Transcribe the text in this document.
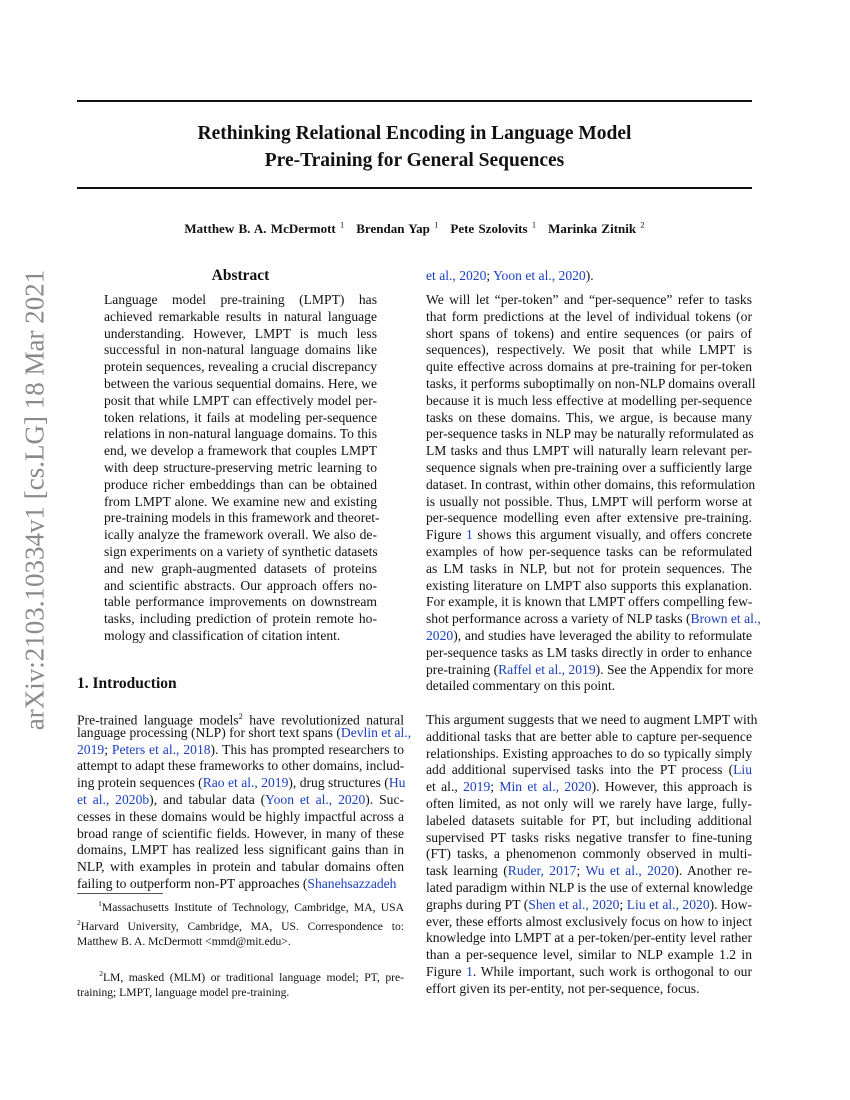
arXiv:2103.10334v1 [cs.LG] 18 Mar 2021
Rethinking Relational Encoding in Language Model
Pre-Training for General Sequences
Matthew B. A. McDermott $^1$ Brendan Yap $^1$ Pete Szolovits $^1$ Marinka Zitnik $^2$
Abstract
Language model pre-training (LMPT) has
achieved remarkable results in natural language
understanding. However, LMPT is much less
successful in non-natural language domains like
protein sequences, revealing a crucial discrepancy
between the various sequential domains. Here, we
posit that while LMPT can effectively model per-
token relations, it fails at modeling per-sequence
relations in non-natural language domains. To this
end, we develop a framework that couples LMPT
with deep structure-preserving metric learning to
produce richer embeddings than can be obtained
from LMPT alone. We examine new and existing
pre-training models in this framework and theoret-
ically analyze the framework overall. We also de-
sign experiments on a variety of synthetic datasets
and new graph-augmented datasets of proteins
and scientific abstracts. Our approach offers no-
table performance improvements on downstream
tasks, including prediction of protein remote ho-
mology and classification of citation intent.
1. Introduction
Pre-trained language models$^2$ have revolutionized natural
language processing (NLP) for short text spans (Devlin et al.,
2019; Peters et al., 2018). This has prompted researchers to
attempt to adapt these frameworks to other domains, includ-
ing protein sequences (Rao et al., 2019), drug structures (Hu
et al., 2020b), and tabular data (Yoon et al., 2020). Suc-
cesses in these domains would be highly impactful across a
broad range of scientific fields. However, in many of these
domains, LMPT has realized less significant gains than in
NLP, with examples in protein and tabular domains often
failing to outperform non-PT approaches (Shanehsazzadeh
$^1$Massachusetts Institute of Technology, Cambridge, MA, USA
$^2$Harvard University, Cambridge, MA, US. Correspondence to:
Matthew B. A. McDermott <mmd@mit.edu>.
$^2$LM, masked (MLM) or traditional language model; PT, pre-
training; LMPT, language model pre-training.
et al., 2020; Yoon et al., 2020).
We will let “per-token” and “per-sequence” refer to tasks
that form predictions at the level of individual tokens (or
short spans of tokens) and entire sequences (or pairs of
sequences), respectively. We posit that while LMPT is
quite effective across domains at pre-training for per-token
tasks, it performs suboptimally on non-NLP domains overall
because it is much less effective at modelling per-sequence
tasks on these domains. This, we argue, is because many
per-sequence tasks in NLP may be naturally reformulated as
LM tasks and thus LMPT will naturally learn relevant per-
sequence signals when pre-training over a sufficiently large
dataset. In contrast, within other domains, this reformulation
is usually not possible. Thus, LMPT will perform worse at
per-sequence modelling even after extensive pre-training.
Figure 1 shows this argument visually, and offers concrete
examples of how per-sequence tasks can be reformulated
as LM tasks in NLP, but not for protein sequences. The
existing literature on LMPT also supports this explanation.
For example, it is known that LMPT offers compelling few-
shot performance across a variety of NLP tasks (Brown et al.,
2020), and studies have leveraged the ability to reformulate
per-sequence tasks as LM tasks directly in order to enhance
pre-training (Raffel et al., 2019). See the Appendix for more
detailed commentary on this point.
This argument suggests that we need to augment LMPT with
additional tasks that are better able to capture per-sequence
relationships. Existing approaches to do so typically simply
add additional supervised tasks into the PT process (Liu
et al., 2019; Min et al., 2020). However, this approach is
often limited, as not only will we rarely have large, fully-
labeled datasets suitable for PT, but including additional
supervised PT tasks risks negative transfer to fine-tuning
(FT) tasks, a phenomenon commonly observed in multi-
task learning (Ruder, 2017; Wu et al., 2020). Another re-
lated paradigm within NLP is the use of external knowledge
graphs during PT (Shen et al., 2020; Liu et al., 2020). How-
ever, these efforts almost exclusively focus on how to inject
knowledge into LMPT at a per-token/per-entity level rather
than a per-sequence level, similar to NLP example 1.2 in
Figure 1. While important, such work is orthogonal to our
effort given its per-entity, not per-sequence, focus.
